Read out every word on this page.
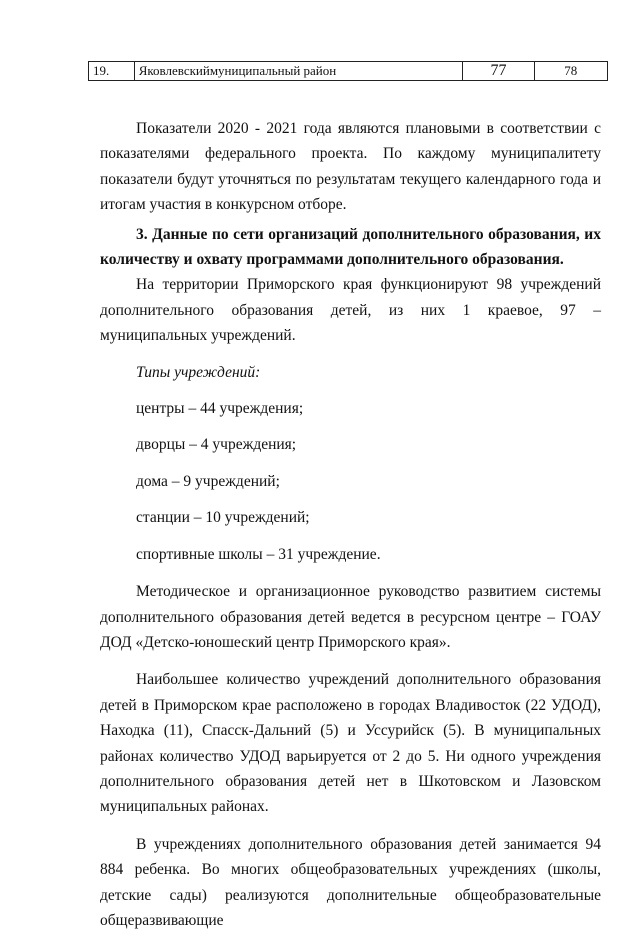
19.	Яковлевскиймуниципальный район	77	78

Показатели 2020 - 2021 года являются плановыми в соответствии с показателями федерального проекта. По каждому муниципалитету показатели будут уточняться по результатам текущего календарного года и итогам участия в конкурсном отборе.

3. Данные по сети организаций дополнительного образования, их количеству и охвату программами дополнительного образования.

На территории Приморского края функционируют 98 учреждений дополнительного образования детей, из них 1 краевое, 97 – муниципальных учреждений.

Типы учреждений:

центры – 44 учреждения;

дворцы – 4 учреждения;

дома – 9 учреждений;

станции – 10 учреждений;

спортивные школы – 31 учреждение.

Методическое и организационное руководство развитием системы дополнительного образования детей ведется в ресурсном центре – ГОАУ ДОД «Детско-юношеский центр Приморского края».

Наибольшее количество учреждений дополнительного образования детей в Приморском крае расположено в городах Владивосток (22 УДОД), Находка (11), Спасск-Дальний (5) и Уссурийск (5). В муниципальных районах количество УДОД варьируется от 2 до 5. Ни одного учреждения дополнительного образования детей нет в Шкотовском и Лазовском муниципальных районах.

В учреждениях дополнительного образования детей занимается 94 884 ребенка. Во многих общеобразовательных учреждениях (школы, детские сады) реализуются дополнительные общеобразовательные общеразвивающие
